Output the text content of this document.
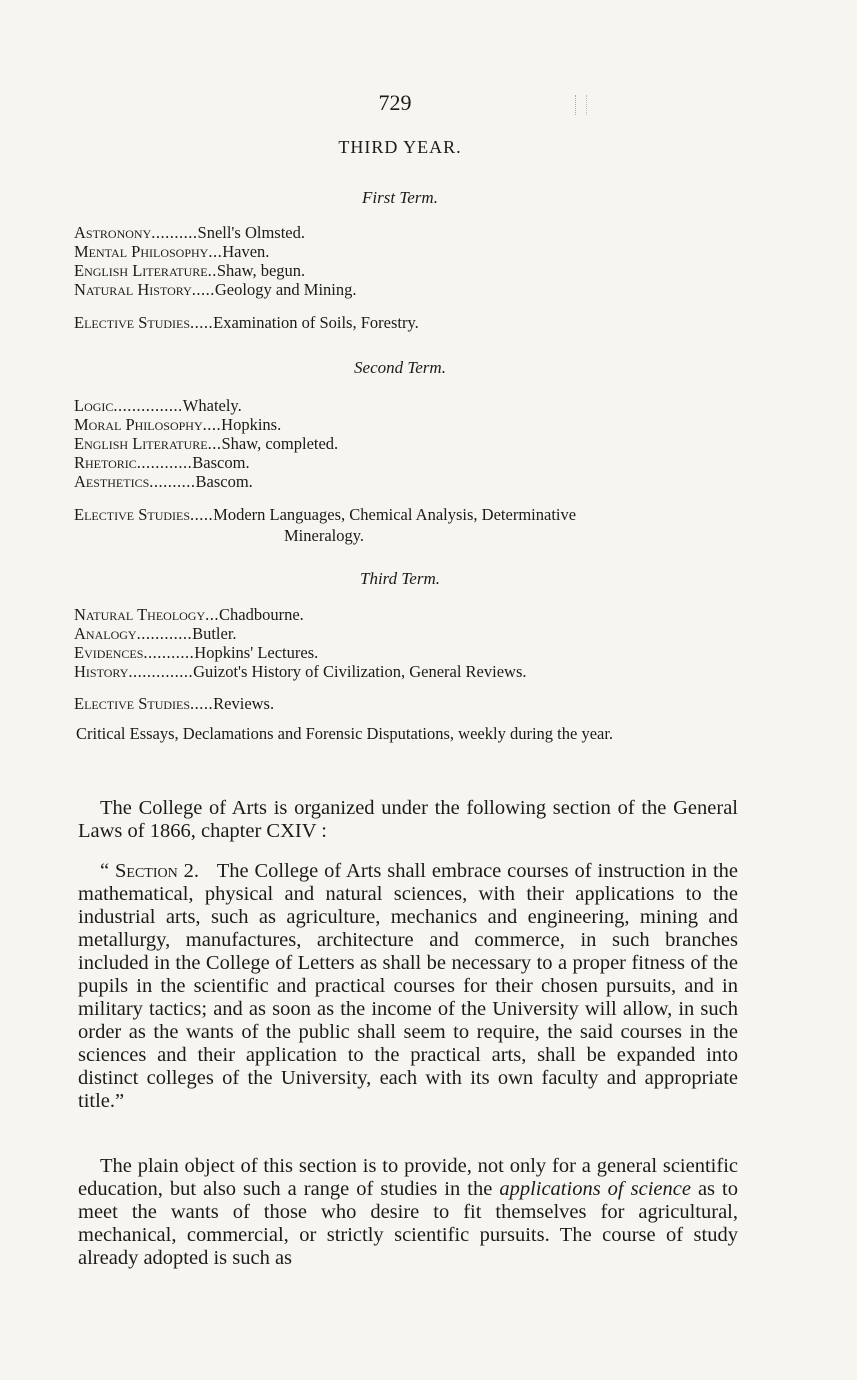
729
THIRD YEAR.
First Term.
Astronony..........Snell's Olmsted.
Mental Philosophy...Haven.
English Literature..Shaw, begun.
Natural History.....Geology and Mining.
Elective Studies.....Examination of Soils, Forestry.
Second Term.
Logic...............Whately.
Moral Philosophy....Hopkins.
English Literature...Shaw, completed.
Rhetoric............Bascom.
Aesthetics..........Bascom.
Elective Studies.....Modern Languages, Chemical Analysis, Determinative
Mineralogy.
Third Term.
Natural Theology...Chadbourne.
Analogy............Butler.
Evidences...........Hopkins' Lectures.
History..............Guizot's History of Civilization, General Reviews.
Elective Studies.....Reviews.
Critical Essays, Declamations and Forensic Disputations, weekly during the year.
The College of Arts is organized under the following section of the General Laws of 1866, chapter CXIV :

“ Section 2. The College of Arts shall embrace courses of instruction in the mathematical, physical and natural sciences, with their applications to the industrial arts, such as agriculture, mechanics and engineering, mining and metallurgy, manufactures, architecture and commerce, in such branches included in the College of Letters as shall be necessary to a proper fitness of the pupils in the scientific and practical courses for their chosen pursuits, and in military tactics; and as soon as the income of the University will allow, in such order as the wants of the public shall seem to require, the said courses in the sciences and their application to the practical arts, shall be expanded into distinct colleges of the University, each with its own faculty and appropriate title.”

The plain object of this section is to provide, not only for a general scientific education, but also such a range of studies in the applications of science as to meet the wants of those who desire to fit themselves for agricultural, mechanical, commercial, or strictly scientific pursuits. The course of study already adopted is such as
